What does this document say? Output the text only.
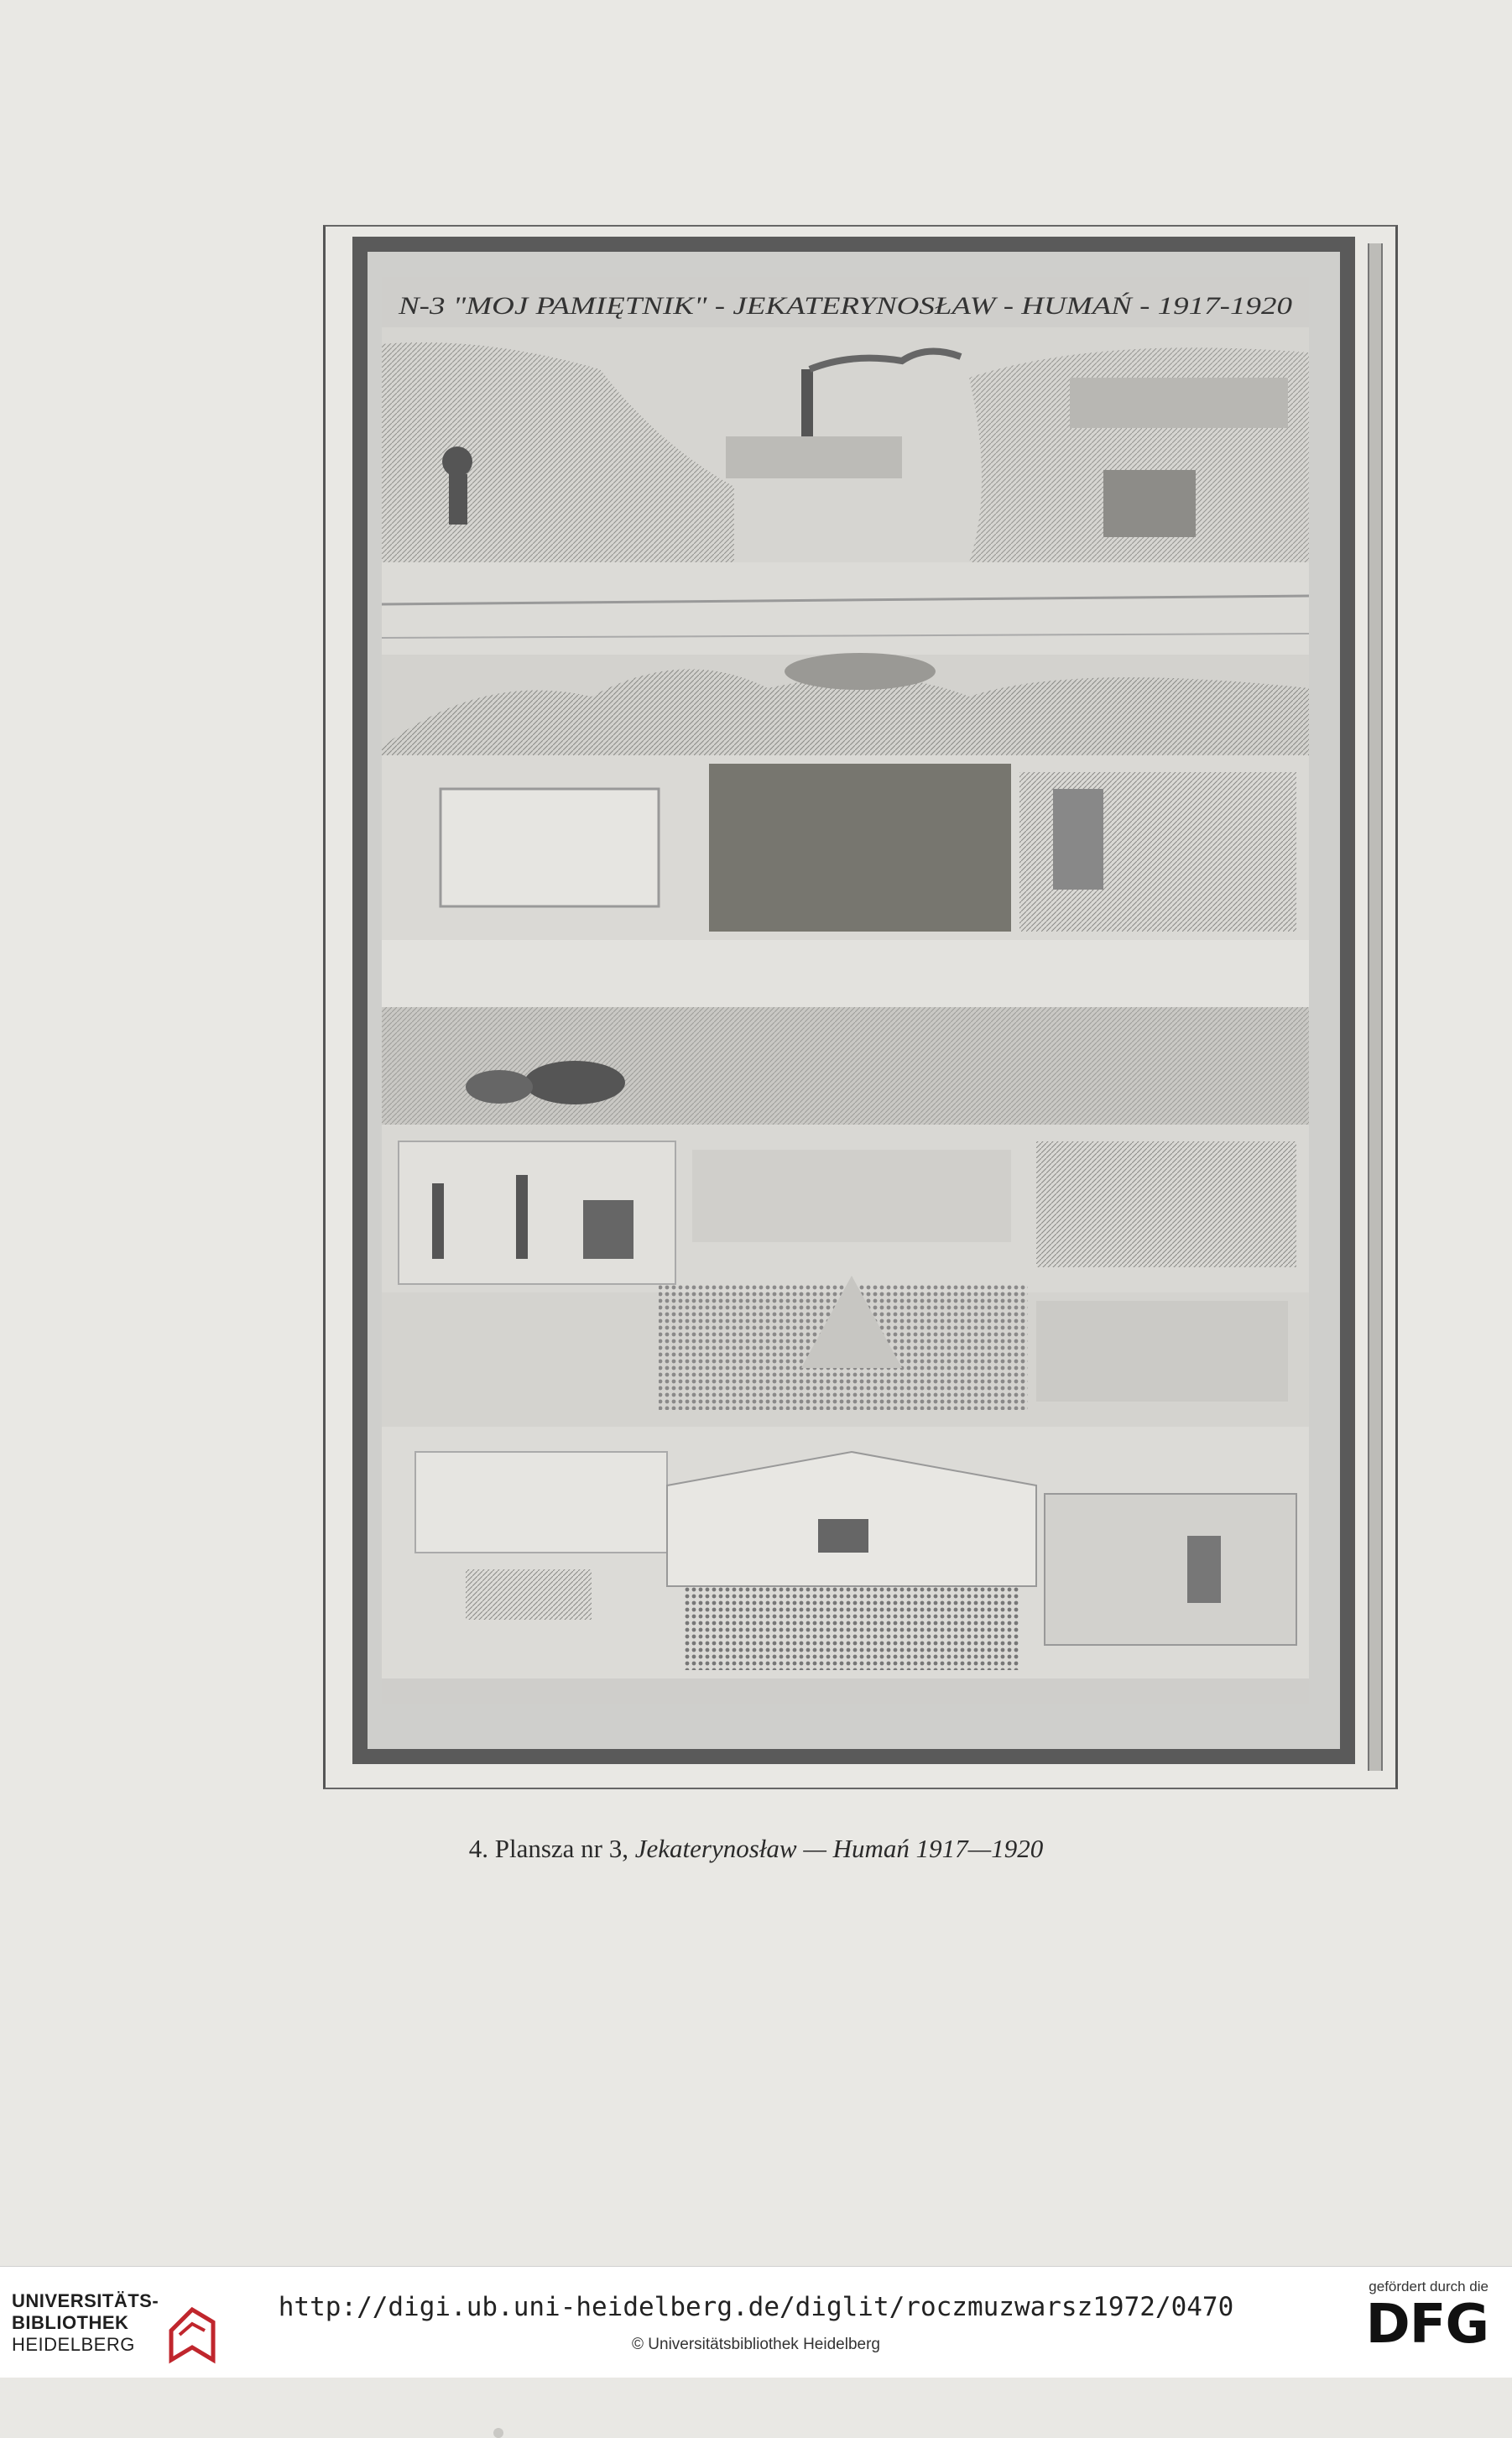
N-3 "MOJ PAMIĘTNIK" - JEKATERYNOSŁAW - HUMAŃ - 1917-1920
4. Plansza nr 3, Jekaterynosław — Humań 1917—1920
UNIVERSITÄTS-
BIBLIOTHEK
HEIDELBERG
http://digi.ub.uni-heidelberg.de/diglit/roczmuzwarsz1972/0470
© Universitätsbibliothek Heidelberg
gefördert durch die
DFG
